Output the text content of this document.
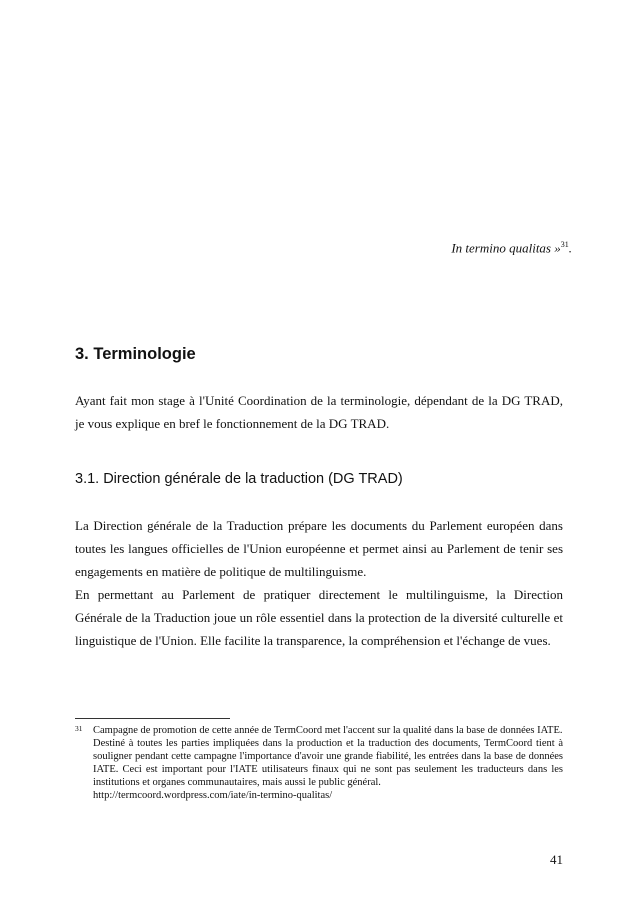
In termino qualitas »$^{31}$.
3. Terminologie

Ayant fait mon stage à l'Unité Coordination de la terminologie, dépendant de la DG TRAD, je vous explique en bref le fonctionnement de la DG TRAD.

3.1. Direction générale de la traduction (DG TRAD)

La Direction générale de la Traduction prépare les documents du Parlement européen dans toutes les langues officielles de l'Union européenne et permet ainsi au Parlement de tenir ses engagements en matière de politique de multilinguisme.

En permettant au Parlement de pratiquer directement le multilinguisme, la Direction Générale de la Traduction joue un rôle essentiel dans la protection de la diversité culturelle et linguistique de l'Union. Elle facilite la transparence, la compréhension et l'échange de vues.

31 Campagne de promotion de cette année de TermCoord met l'accent sur la qualité dans la base de données IATE.

Destiné à toutes les parties impliquées dans la production et la traduction des documents, TermCoord tient à souligner pendant cette campagne l'importance d'avoir une grande fiabilité, les entrées dans la base de données IATE. Ceci est important pour l'IATE utilisateurs finaux qui ne sont pas seulement les traducteurs dans les institutions et organes communautaires, mais aussi le public général.

http://termcoord.wordpress.com/iate/in-termino-qualitas/

41
